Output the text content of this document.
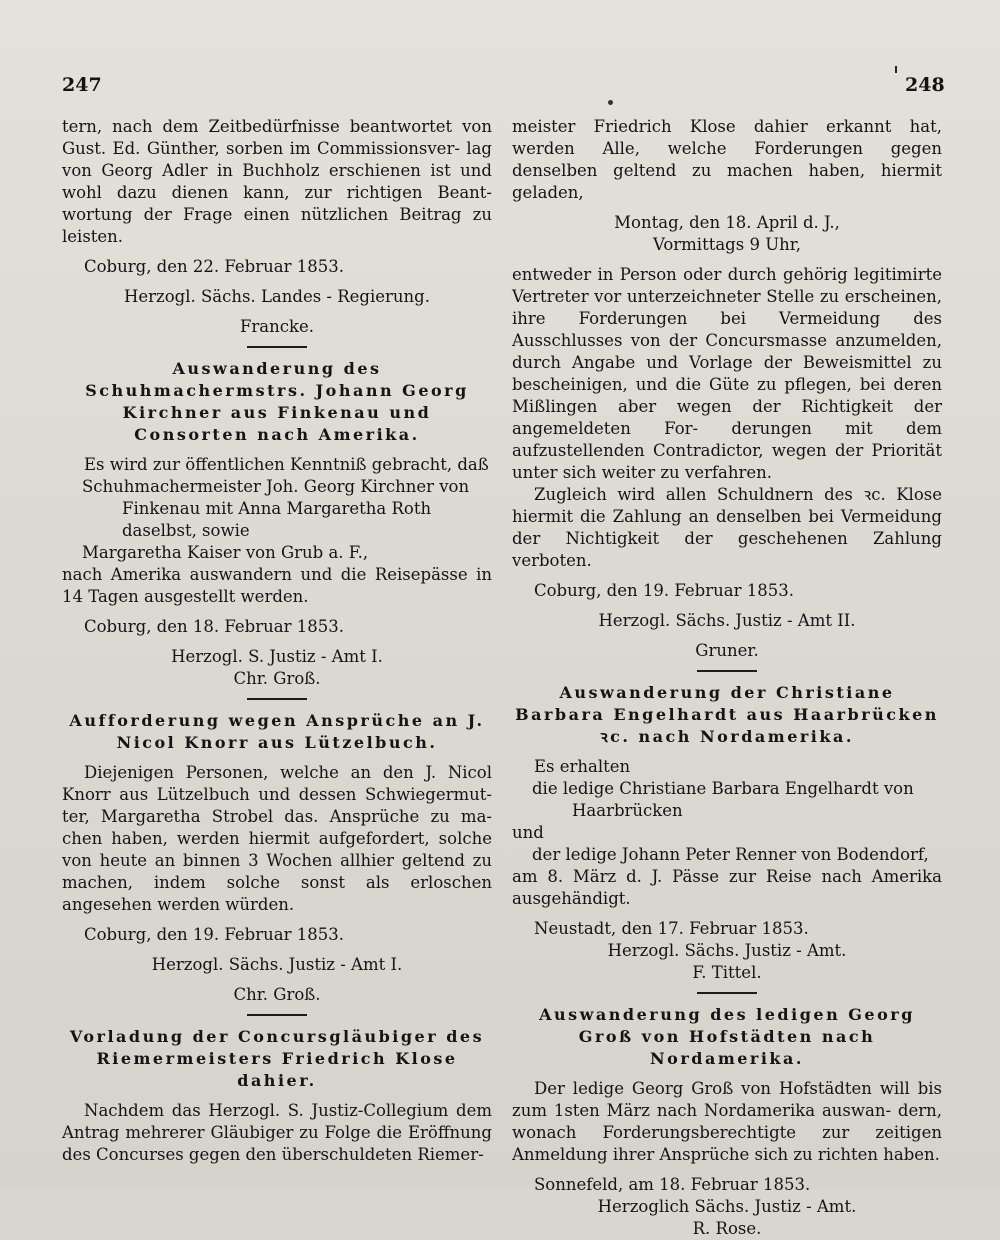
247	248

tern, nach dem Zeitbedürfnisse beantwortet von Gust. Ed. Günther, sorben im Commissionsver- lag von Georg Adler in Buchholz erschienen ist und wohl dazu dienen kann, zur richtigen Beant- wortung der Frage einen nützlichen Beitrag zu leisten.

Coburg, den 22. Februar 1853.

Herzogl. Sächs. Landes - Regierung.

Francke.

Auswanderung des Schuhmachermstrs. Johann Georg Kirchner aus Finkenau und Consorten nach Amerika.

Es wird zur öffentlichen Kenntniß gebracht, daß

Schuhmachermeister Joh. Georg Kirchner von Finkenau mit Anna Margaretha Roth daselbst, sowie

Margaretha Kaiser von Grub a. F.,

nach Amerika auswandern und die Reisepässe in 14 Tagen ausgestellt werden.

Coburg, den 18. Februar 1853.

Herzogl. S. Justiz - Amt I.

Chr. Groß.

Aufforderung wegen Ansprüche an J. Nicol Knorr aus Lützelbuch.

Diejenigen Personen, welche an den J. Nicol Knorr aus Lützelbuch und dessen Schwiegermut- ter, Margaretha Strobel das. Ansprüche zu ma- chen haben, werden hiermit aufgefordert, solche von heute an binnen 3 Wochen allhier geltend zu machen, indem solche sonst als erloschen angesehen werden würden.

Coburg, den 19. Februar 1853.

Herzogl. Sächs. Justiz - Amt I.

Chr. Groß.

Vorladung der Concursgläubiger des Riemermeisters Friedrich Klose dahier.

Nachdem das Herzogl. S. Justiz-Collegium dem Antrag mehrerer Gläubiger zu Folge die Eröffnung des Concurses gegen den überschuldeten Riemer-

meister Friedrich Klose dahier erkannt hat, werden Alle, welche Forderungen gegen denselben geltend zu machen haben, hiermit geladen,

Montag, den 18. April d. J.,

Vormittags 9 Uhr,

entweder in Person oder durch gehörig legitimirte Vertreter vor unterzeichneter Stelle zu erscheinen, ihre Forderungen bei Vermeidung des Ausschlusses von der Concursmasse anzumelden, durch Angabe und Vorlage der Beweismittel zu bescheinigen, und die Güte zu pflegen, bei deren Mißlingen aber wegen der Richtigkeit der angemeldeten For- derungen mit dem aufzustellenden Contradictor, wegen der Priorität unter sich weiter zu verfahren.

Zugleich wird allen Schuldnern des ꝛc. Klose hiermit die Zahlung an denselben bei Vermeidung der Nichtigkeit der geschehenen Zahlung verboten.

Coburg, den 19. Februar 1853.

Herzogl. Sächs. Justiz - Amt II.

Gruner.

Auswanderung der Christiane Barbara Engelhardt aus Haarbrücken ꝛc. nach Nordamerika.

Es erhalten

die ledige Christiane Barbara Engelhardt von Haarbrücken

und

der ledige Johann Peter Renner von Bodendorf,

am 8. März d. J. Pässe zur Reise nach Amerika ausgehändigt.

Neustadt, den 17. Februar 1853.

Herzogl. Sächs. Justiz - Amt.

F. Tittel.

Auswanderung des ledigen Georg Groß von Hofstädten nach Nordamerika.

Der ledige Georg Groß von Hofstädten will bis zum 1sten März nach Nordamerika auswan- dern, wonach Forderungsberechtigte zur zeitigen Anmeldung ihrer Ansprüche sich zu richten haben.

Sonnefeld, am 18. Februar 1853.

Herzoglich Sächs. Justiz - Amt.

R. Rose.
